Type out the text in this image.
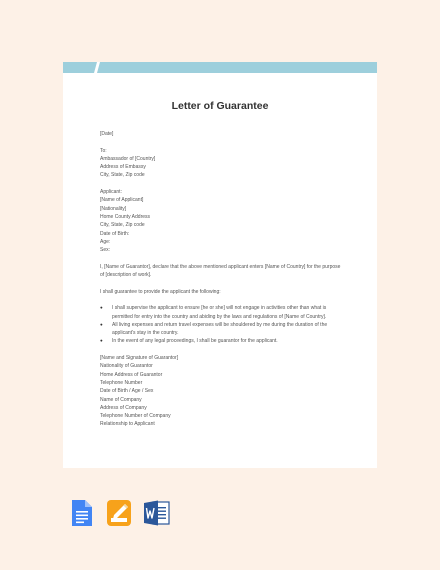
Letter of Guarantee
[Date]
To:
Ambassador of [Country]
Address of Embassy
City, State, Zip code
Applicant:
[Name of Applicant]
[Nationality]
Home County Address
City, State, Zip code
Date of Birth:
Age:
Sex:
I, [Name of Guarantor], declare that the above mentioned applicant enters [Name of Country] for the purpose of [description of work].
I shall guarantee to provide the applicant the following:
● I shall supervise the applicant to ensure [he or she] will not engage in activities other than what is permitted for entry into the country and abiding by the laws and regulations of [Name of Country].
● All living expenses and return travel expenses will be shouldered by me during the duration of the applicant's stay in the country.
● In the event of any legal proceedings, I shall be guarantor for the applicant.
[Name and Signature of Guarantor]
Nationality of Guarantor
Home Address of Guarantor
Telephone Number
Date of Birth / Age / Sex
Name of Company
Address of Company
Telephone Number of Company
Relationship to Applicant
